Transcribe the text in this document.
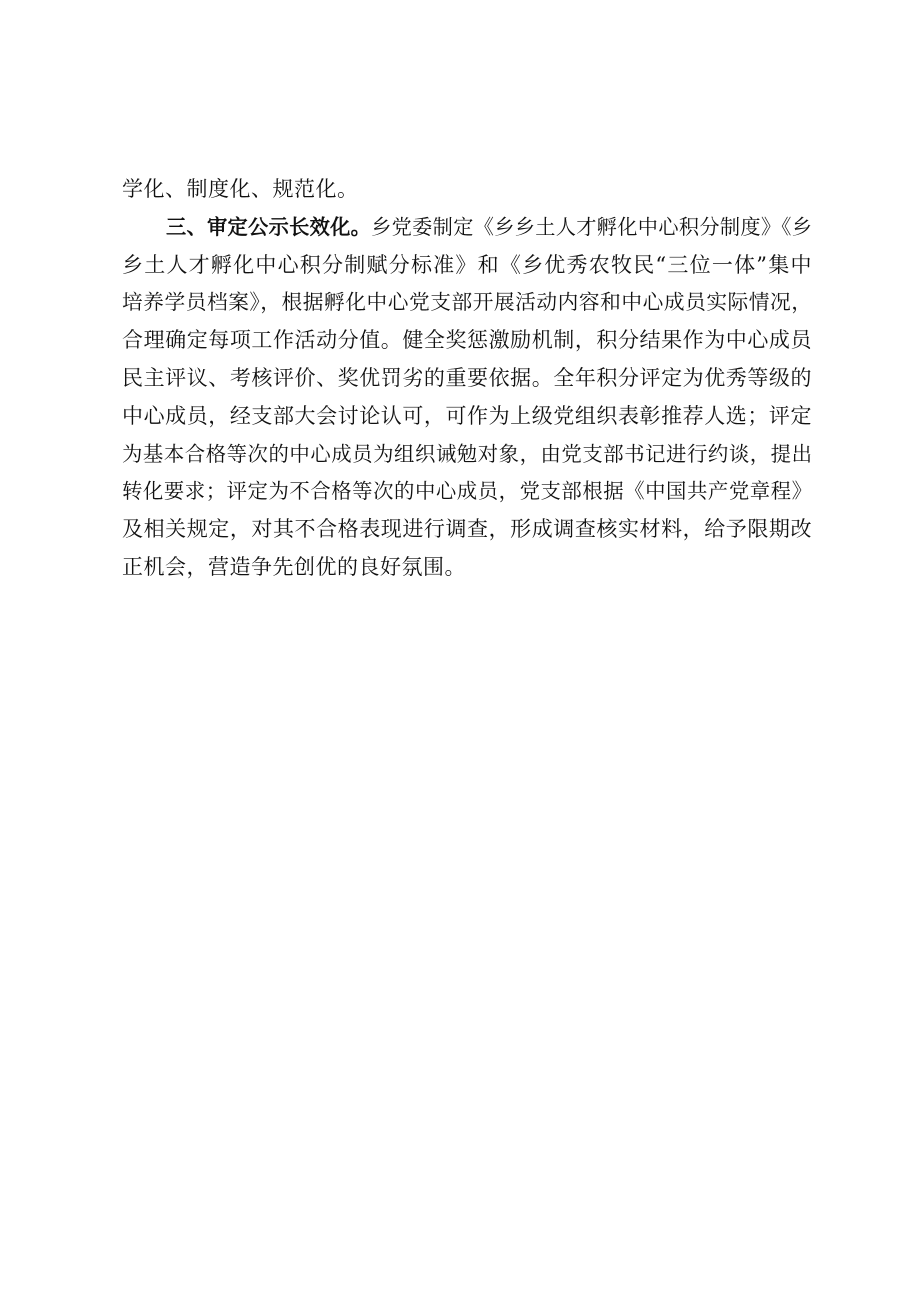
学化、制度化、规范化。
三、审定公示长效化。乡党委制定《乡乡土人才孵化中心积分制度》《乡
乡土人才孵化中心积分制赋分标准》和《乡优秀农牧民“三位一体”集中
培养学员档案》，根据孵化中心党支部开展活动内容和中心成员实际情况，
合理确定每项工作活动分值。健全奖惩激励机制，积分结果作为中心成员
民主评议、考核评价、奖优罚劣的重要依据。全年积分评定为优秀等级的
中心成员，经支部大会讨论认可，可作为上级党组织表彰推荐人选；评定
为基本合格等次的中心成员为组织诫勉对象，由党支部书记进行约谈，提出
转化要求；评定为不合格等次的中心成员，党支部根据《中国共产党章程》
及相关规定，对其不合格表现进行调查，形成调查核实材料，给予限期改
正机会，营造争先创优的良好氛围。
